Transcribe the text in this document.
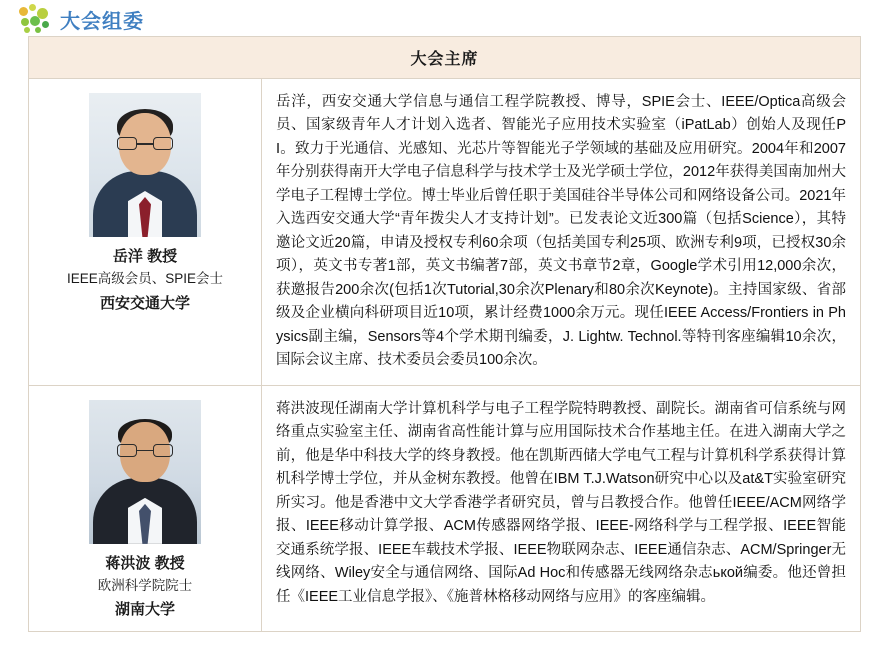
大会组委
大会主席
岳洋 教授
IEEE高级会员、SPIE会士
西安交通大学
岳洋，西安交通大学信息与通信工程学院教授、博导，SPIE会士、IEEE/Optica高级会员、国家级青年人才计划入选者、智能光子应用技术实验室（iPatLab）创始人及现任PI。致力于光通信、光感知、光芯片等智能光子学领域的基础及应用研究。2004年和2007年分别获得南开大学电子信息科学与技术学士及光学硕士学位，2012年获得美国南加州大学电子工程博士学位。博士毕业后曾任职于美国硅谷半导体公司和网络设备公司。2021年入选西安交通大学“青年拨尖人才支持计划”。已发表论文近300篇（包括Science），其特邀论文近20篇，申请及授权专利60余项（包括美国专利25项、欧洲专利9项，已授权30余项），英文书专著1部，英文书编著7部，英文书章节2章，Google学术引用12,000余次，获邀报告200余次(包括1次Tutorial,30余次Plenary和80余次Keynote)。主持国家级、省部级及企业横向科研项目近10项，累计经费1000余万元。现任IEEE Access/Frontiers in Physics副主编，Sensors等4个学术期刊编委，J. Lightw. Technol.等特刊客座编辑10余次，国际会议主席、技术委员会委员100余次。
蒋洪波 教授
欧洲科学院院士
湖南大学
蒋洪波现任湖南大学计算机科学与电子工程学院特聘教授、副院长。湖南省可信系统与网络重点实验室主任、湖南省高性能计算与应用国际技术合作基地主任。在进入湖南大学之前，他是华中科技大学的终身教授。他在凯斯西储大学电气工程与计算机科学系获得计算机科学博士学位，并从金树东教授。他曾在IBM T.J.Watson研究中心以及at&T实验室研究所实习。他是香港中文大学香港学者研究员，曾与吕教授合作。他曾任IEEE/ACM网络学报、IEEE移动计算学报、ACM传感器网络学报、IEEE-网络科学与工程学报、IEEE智能交通系统学报、IEEE车载技术学报、IEEE物联网杂志、IEEE通信杂志、ACM/Springer无线网络、Wiley安全与通信网络、国际Ad Hoc和传感器无线网络杂志ькой编委。他还曾担任《IEEE工业信息学报》、《施普林格移动网络与应用》的客座编辑。
